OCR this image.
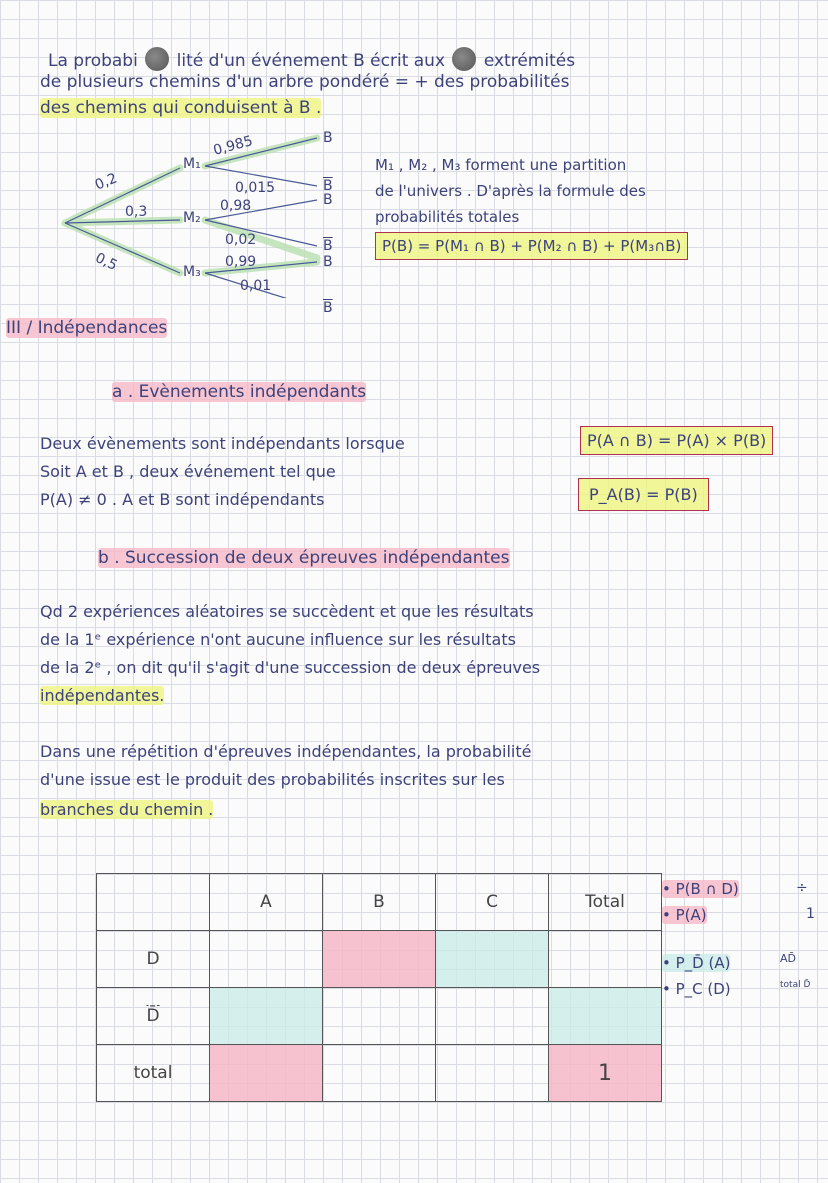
La probabi lité d'un événement B écrit aux extrémités
de plusieurs chemins d'un arbre pondéré = + des probabilités
des chemins qui conduisent à B .
M₁
M₂
M₃
0,2
0,3
0,5
0,985
0,015
0,98
0,02
0,99
0,01
B
$\overline{B}$
B
$\overline{B}$
B
$\overline{B}$
M₁ , M₂ , M₃ forment une partition
de l'univers . D'après la formule des
probabilités totales
P(B) = P(M₁ ∩ B) + P(M₂ ∩ B) + P(M₃∩B)
III / Indépendances
a . Evènements indépendants
Deux évènements sont indépendants lorsque
Soit A et B , deux événement tel que
P(A) ≠ 0 . A et B sont indépendants
P(A ∩ B) = P(A) × P(B)
P_A(B) = P(B)
b . Succession de deux épreuves indépendantes
Qd 2 expériences aléatoires se succèdent et que les résultats
de la 1ᵉ expérience n'ont aucune influence sur les résultats
de la 2ᵉ , on dit qu'il s'agit d'une succession de deux épreuves
indépendantes.
Dans une répétition d'épreuves indépendantes, la probabilité
d'une issue est le produit des probabilités inscrites sur les
branches du chemin .
	A	B	C	Total
D				
D̄				
total				1
• P(B ∩ D)
• P(A)
÷
1
• P_D̄ (A)
• P_C (D)
AD̄
total D̄
